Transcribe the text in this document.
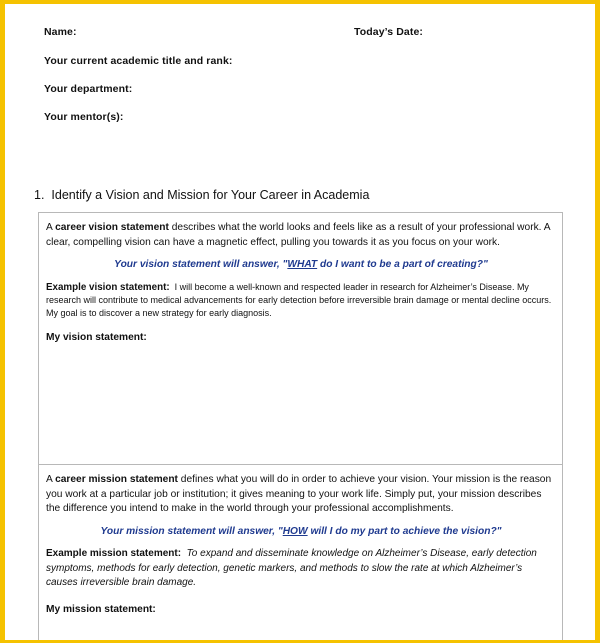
Name:	Today’s Date:
Your current academic title and rank:
Your department:
Your mentor(s):
1. Identify a Vision and Mission for Your Career in Academia
A career vision statement describes what the world looks and feels like as a result of your professional work. A clear, compelling vision can have a magnetic effect, pulling you towards it as you focus on your work.
Your vision statement will answer, "WHAT do I want to be a part of creating?"
Example vision statement: I will become a well-known and respected leader in research for Alzheimer’s Disease. My research will contribute to medical advancements for early detection before irreversible brain damage or mental decline occurs. My goal is to discover a new strategy for early diagnosis.
My vision statement:
A career mission statement defines what you will do in order to achieve your vision. Your mission is the reason you work at a particular job or institution; it gives meaning to your work life. Simply put, your mission describes the difference you intend to make in the world through your professional accomplishments.
Your mission statement will answer, "HOW will I do my part to achieve the vision?"
Example mission statement: To expand and disseminate knowledge on Alzheimer’s Disease, early detection symptoms, methods for early detection, genetic markers, and methods to slow the rate at which Alzheimer’s causes irreversible brain damage.
My mission statement:
